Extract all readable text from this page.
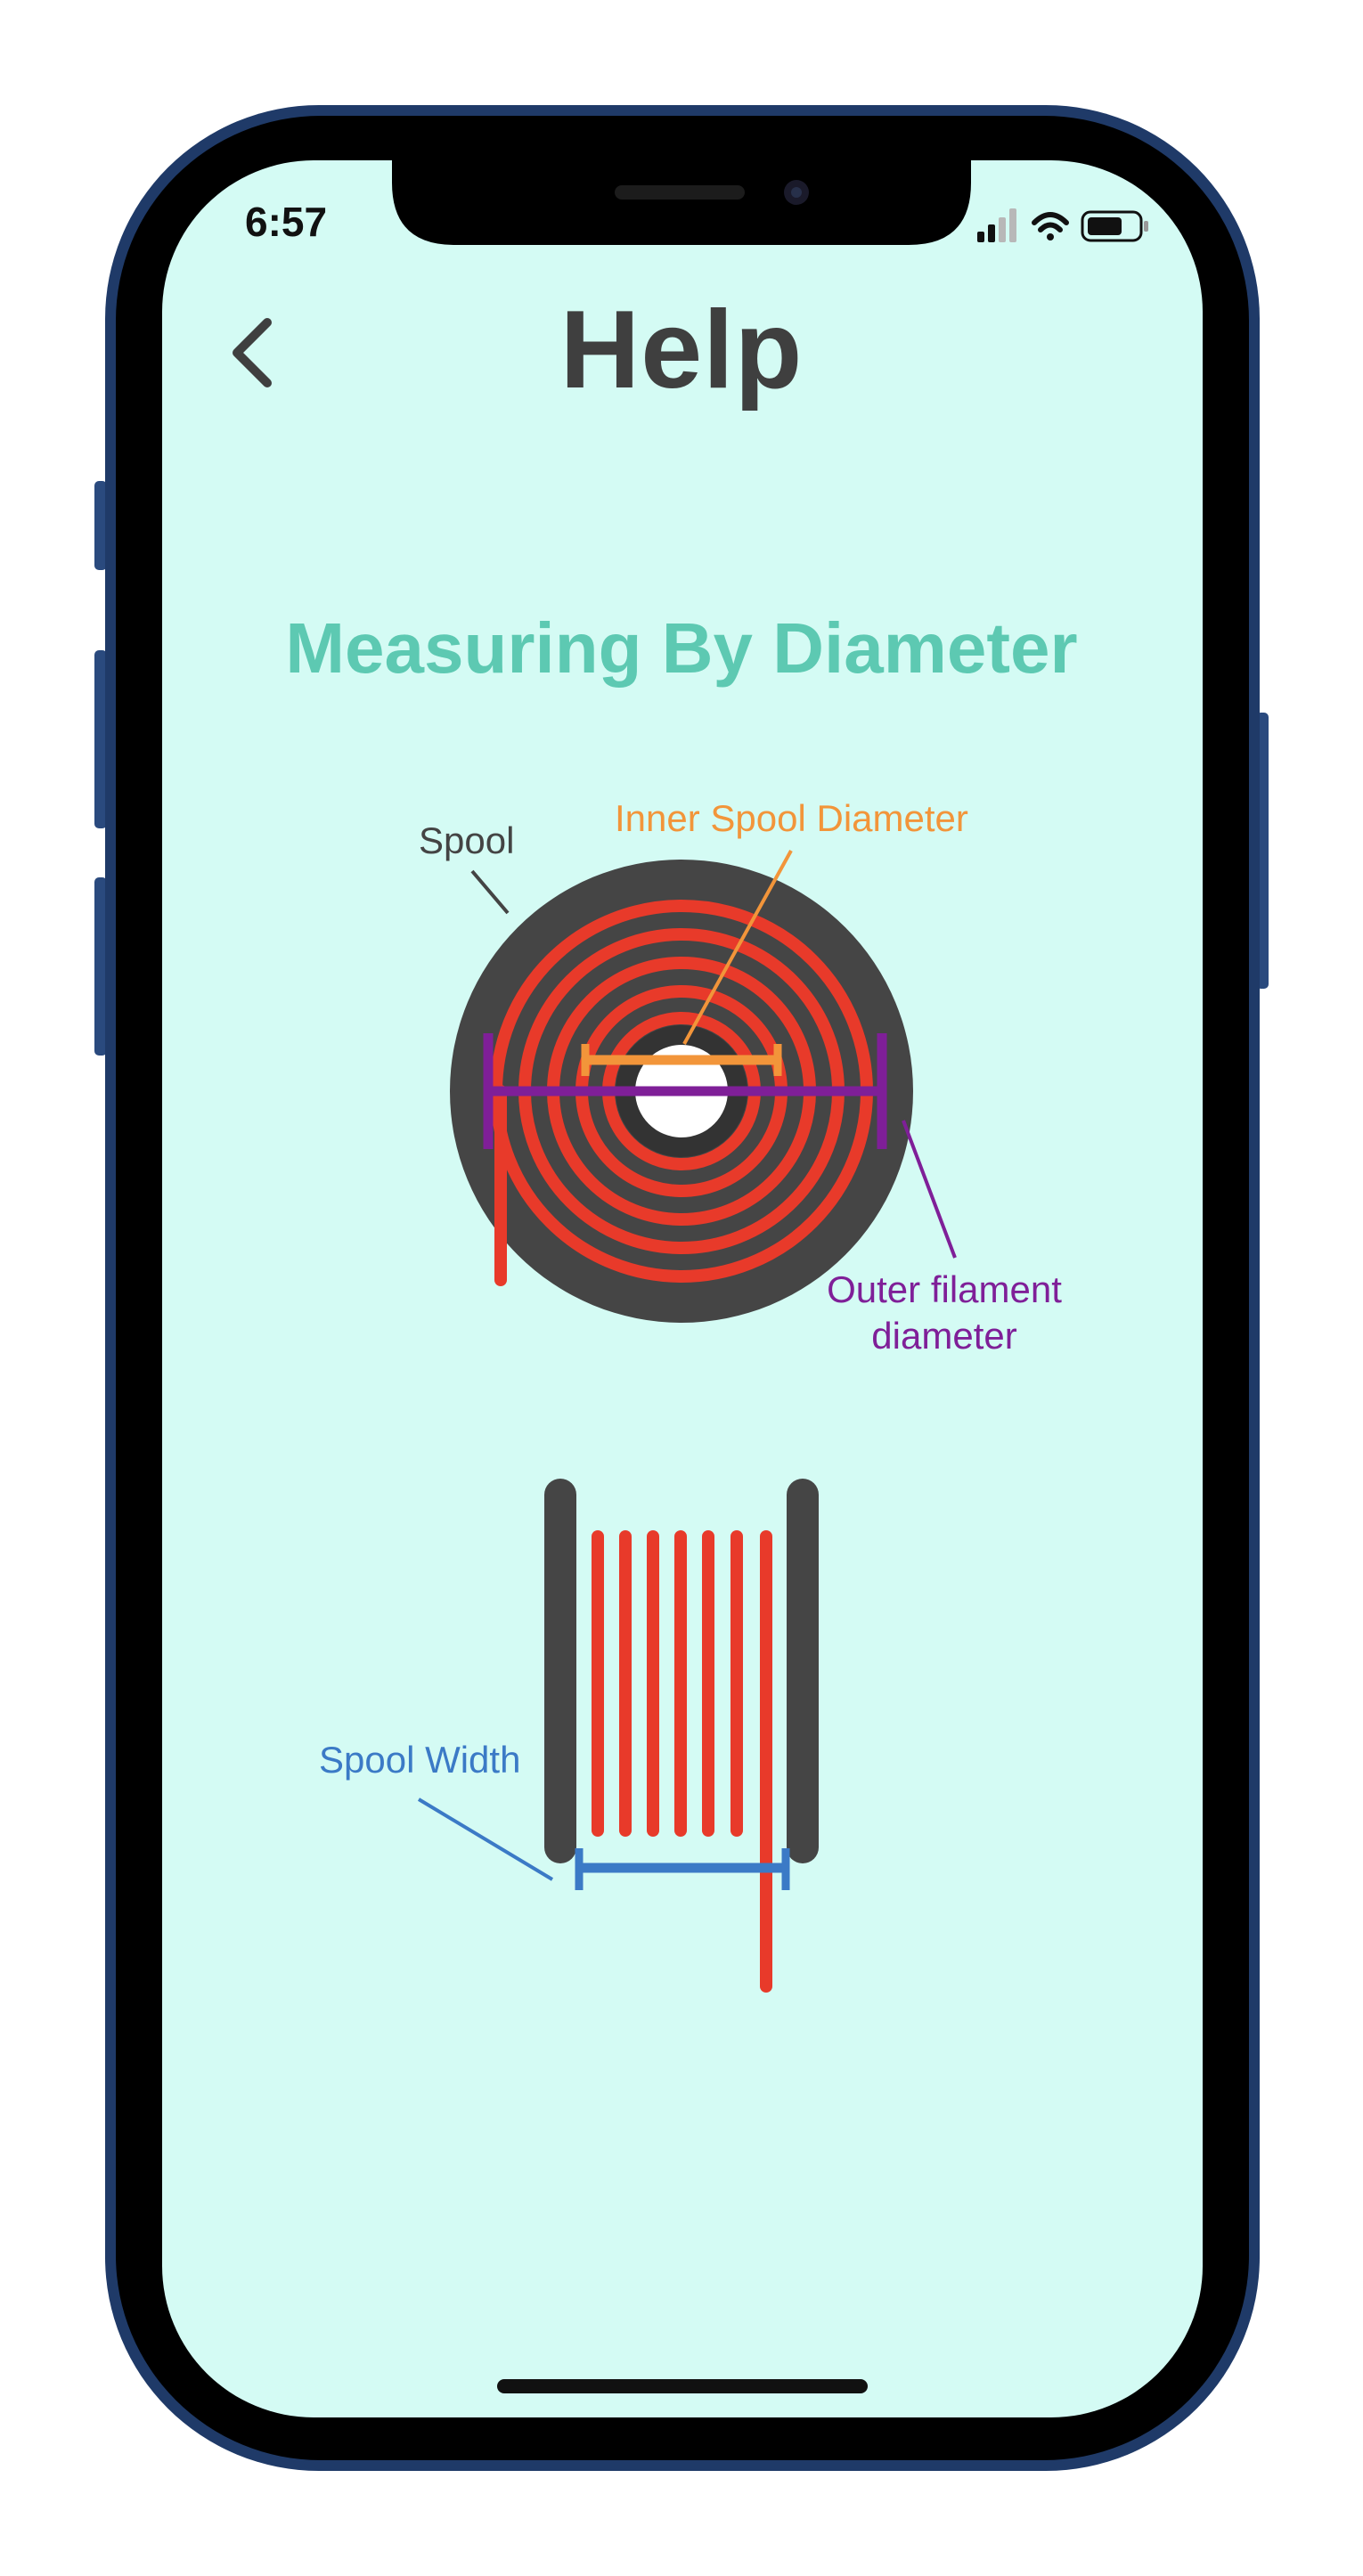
6:57
Help
Measuring By Diameter
Spool
Inner Spool Diameter
Outer filament diameter
Spool Width
